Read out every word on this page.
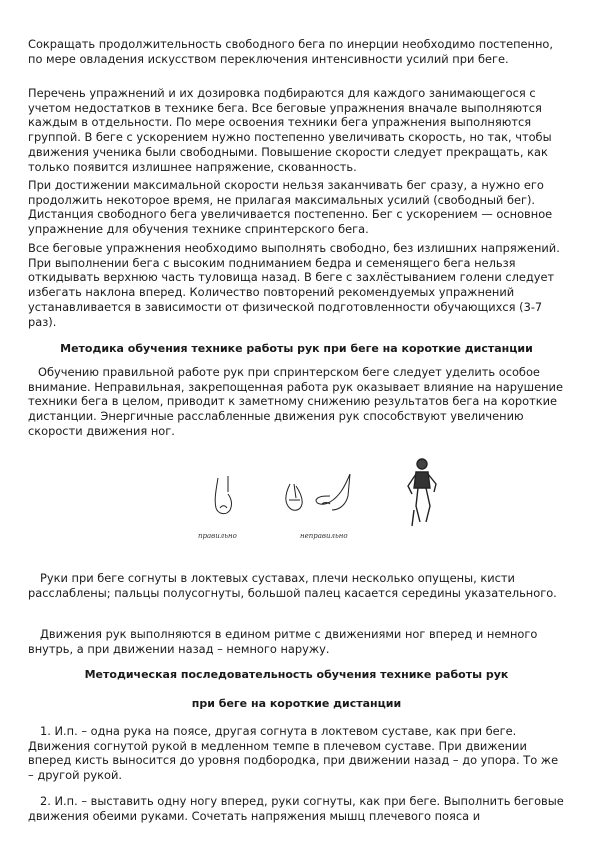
Сокращать продолжительность свободного бега по инерции необходимо постепенно, по мере овладения искусством переключения интенсивности усилий при беге.

Перечень упражнений и их дозировка подбираются для каждого занимающегося с учетом недостатков в технике бега. Все беговые упражнения вначале выполняются каждым в отдельности. По мере освоения техники бега упражнения выполняются группой. В беге с ускорением нужно постепенно увеличивать скорость, но так, чтобы движения ученика были свободными. Повышение скорости следует прекращать, как только появится излишнее напряжение, скованность.

При достижении максимальной скорости нельзя заканчивать бег сразу, а нужно его продолжить некоторое время, не прилагая максимальных усилий (свободный бег). Дистанция свободного бега увеличивается постепенно. Бег с ускорением — основное упражнение для обучения технике спринтерского бега.

Все беговые упражнения необходимо выполнять свободно, без излишних напряжений. При выполнении бега с высоким подниманием бедра и семенящего бега нельзя откидывать верхнюю часть туловища назад. В беге с захлёстыванием голени следует избегать наклона вперед. Количество повторений рекомендуемых упражнений устанавливается в зависимости от физической подготовленности обучающихся (3-7 раз).

Методика обучения технике работы рук при беге на короткие дистанции

Обучению правильной работе рук при спринтерском беге следует уделить особое внимание. Неправильная, закрепощенная работа рук оказывает влияние на нарушение техники бега в целом, приводит к заметному снижению результатов бега на короткие дистанции. Энергичные расслабленные движения рук способствуют увеличению скорости движения ног.

правильно	неправильно

Руки при беге согнуты в локтевых суставах, плечи несколько опущены, кисти расслаблены; пальцы полусогнуты, большой палец касается середины указательного.

Движения рук выполняются в едином ритме с движениями ног вперед и немного внутрь, а при движении назад – немного наружу.

Методическая последовательность обучения технике работы рук
при беге на короткие дистанции

1. И.п. – одна рука на поясе, другая согнута в локтевом суставе, как при беге. Движения согнутой рукой в медленном темпе в плечевом суставе. При движении вперед кисть выносится до уровня подбородка, при движении назад – до упора. То же – другой рукой.

2. И.п. – выставить одну ногу вперед, руки согнуты, как при беге. Выполнить беговые движения обеими руками. Сочетать напряжения мышц плечевого пояса и
